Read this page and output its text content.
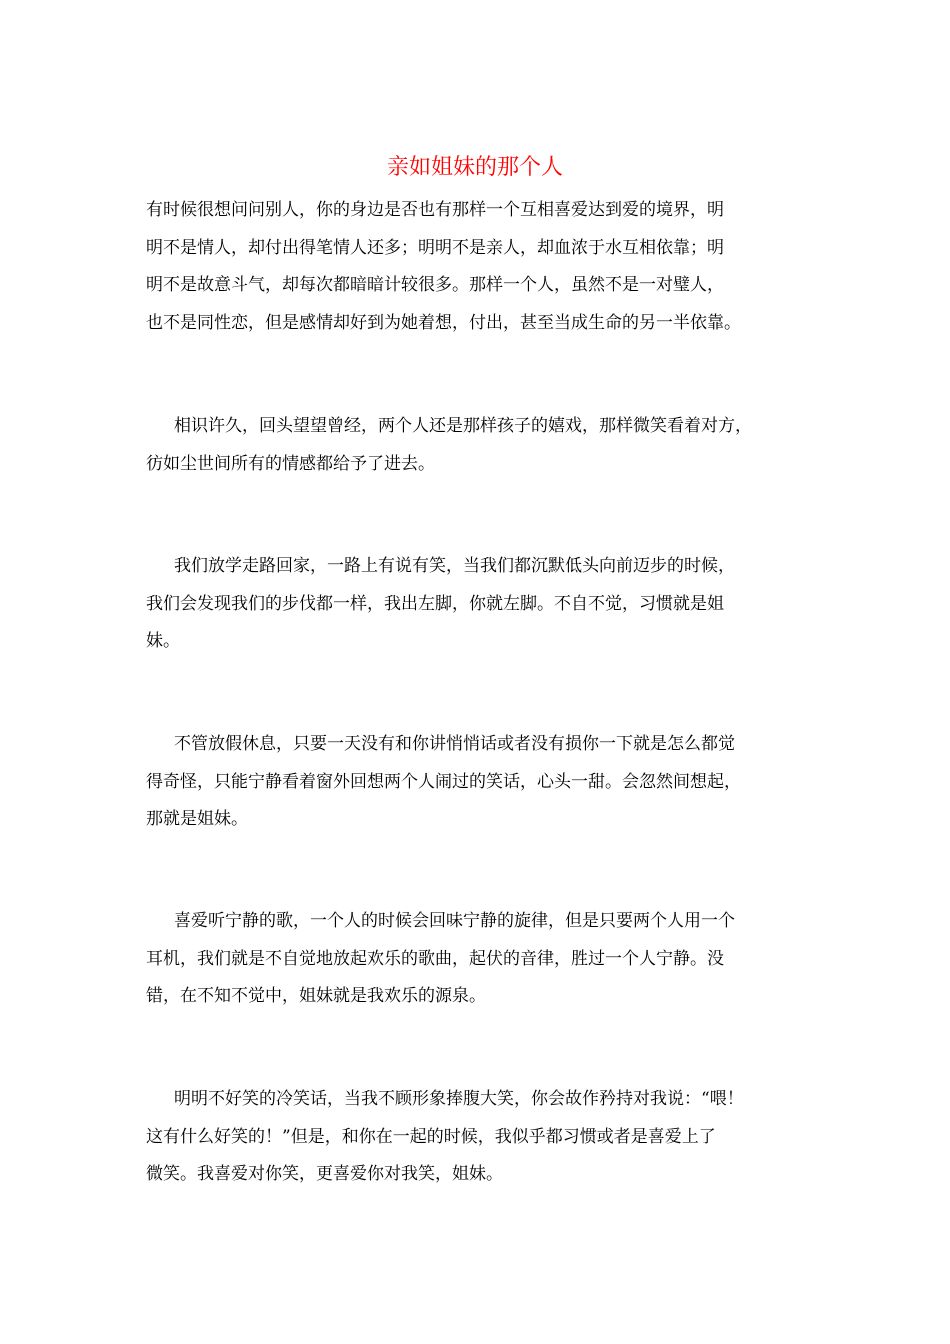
亲如姐妹的那个人

有时候很想问问别人，你的身边是否也有那样一个互相喜爱达到爱的境界，明
明不是情人，却付出得笔情人还多；明明不是亲人，却血浓于水互相依靠；明
明不是故意斗气，却每次都暗暗计较很多。那样一个人，虽然不是一对璧人，
也不是同性恋，但是感情却好到为她着想，付出，甚至当成生命的另一半依靠。

相识许久，回头望望曾经，两个人还是那样孩子的嬉戏，那样微笑看着对方，
彷如尘世间所有的情感都给予了进去。

我们放学走路回家，一路上有说有笑，当我们都沉默低头向前迈步的时候，
我们会发现我们的步伐都一样，我出左脚，你就左脚。不自不觉，习惯就是姐
妹。

不管放假休息，只要一天没有和你讲悄悄话或者没有损你一下就是怎么都觉
得奇怪，只能宁静看着窗外回想两个人闹过的笑话，心头一甜。会忽然间想起，
那就是姐妹。

喜爱听宁静的歌，一个人的时候会回味宁静的旋律，但是只要两个人用一个
耳机，我们就是不自觉地放起欢乐的歌曲，起伏的音律，胜过一个人宁静。没
错，在不知不觉中，姐妹就是我欢乐的源泉。

明明不好笑的冷笑话，当我不顾形象捧腹大笑，你会故作矜持对我说：“喂！
这有什么好笑的！”但是，和你在一起的时候，我似乎都习惯或者是喜爱上了
微笑。我喜爱对你笑，更喜爱你对我笑，姐妹。
